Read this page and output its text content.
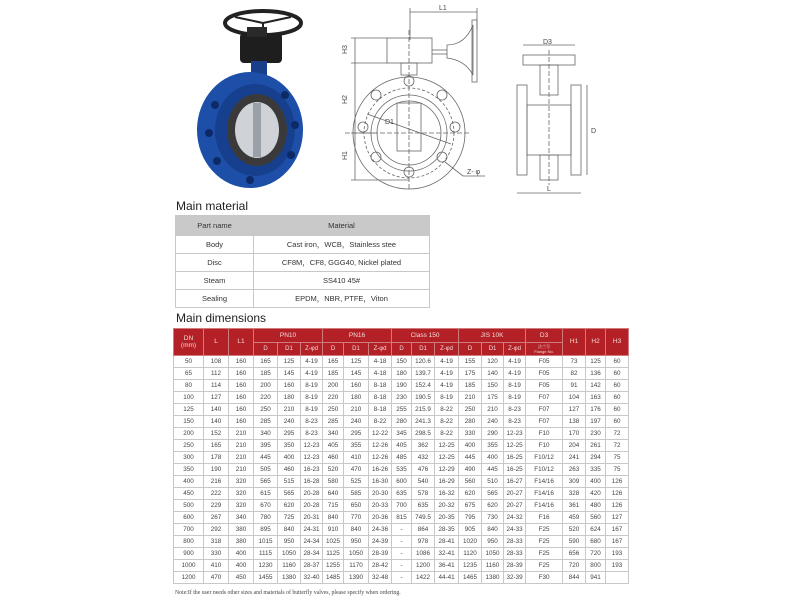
L1
H3
H2
H1
D1
Z- φ
D3
D
L
Main material
Part name	Material
Body	Cast iron，WCB，Stainless stee
Disc	CF8M，CF8, GGG40, Nickel plated
Steam	SS410 45#
Sealing	EPDM，NBR, PTFE，Viton
Main dimensions
DN
(mm)	L	L1	PN10			PN16			Class 150			JIS 10K			D3	H1	H2	H3
			D	D1	Z-φd	D	D1	Z-φd	D	D1	Z-φd	D	D1	Z-φd	法兰号
Flange No.			

50	108	160	165	125	4-19	165	125	4-18	150	120.6	4-19	155	120	4-19	F05	73	125	60
65	112	160	185	145	4-19	185	145	4-18	180	139.7	4-19	175	140	4-19	F05	82	136	60
80	114	160	200	160	8-19	200	160	8-18	190	152.4	4-19	185	150	8-19	F05	91	142	60
100	127	160	220	180	8-19	220	180	8-18	230	190.5	8-19	210	175	8-19	F07	104	163	60
125	140	160	250	210	8-19	250	210	8-18	255	215.9	8-22	250	210	8-23	F07	127	176	60
150	140	160	285	240	8-23	285	240	8-22	280	241.3	8-22	280	240	8-23	F07	138	197	60
200	152	210	340	295	8-23	340	295	12-22	345	298.5	8-22	330	290	12-23	F10	170	230	72
250	165	210	395	350	12-23	405	355	12-26	405	362	12-25	400	355	12-25	F10	204	261	72
300	178	210	445	400	12-23	460	410	12-26	485	432	12-25	445	400	16-25	F10/12	241	294	75
350	190	210	505	460	16-23	520	470	16-26	535	476	12-29	490	445	16-25	F10/12	263	335	75
400	216	320	565	515	16-28	580	525	16-30	600	540	16-29	560	510	16-27	F14/16	309	400	126
450	222	320	615	565	20-28	640	585	20-30	635	578	16-32	620	565	20-27	F14/16	328	420	126
500	229	320	670	620	20-28	715	650	20-33	700	635	20-32	675	620	20-27	F14/16	361	480	126
600	267	340	780	725	20-31	840	770	20-36	815	749.5	20-35	795	730	24-32	F16	459	560	127
700	292	380	895	840	24-31	910	840	24-36	-	864	28-35	905	840	24-33	F25	520	624	167
800	318	380	1015	950	24-34	1025	950	24-39	-	978	28-41	1020	950	28-33	F25	590	680	167
900	330	400	1115	1050	28-34	1125	1050	28-39	-	1086	32-41	1120	1050	28-33	F25	656	720	193
1000	410	400	1230	1160	28-37	1255	1170	28-42	-	1200	36-41	1235	1160	28-39	F25	720	800	193
1200	470	450	1455	1380	32-40	1485	1390	32-48	-	1422	44-41	1465	1380	32-39	F30	844	941	
Note:If the user needs other sizes and materials of butterfly valves, please specify when ordering.
